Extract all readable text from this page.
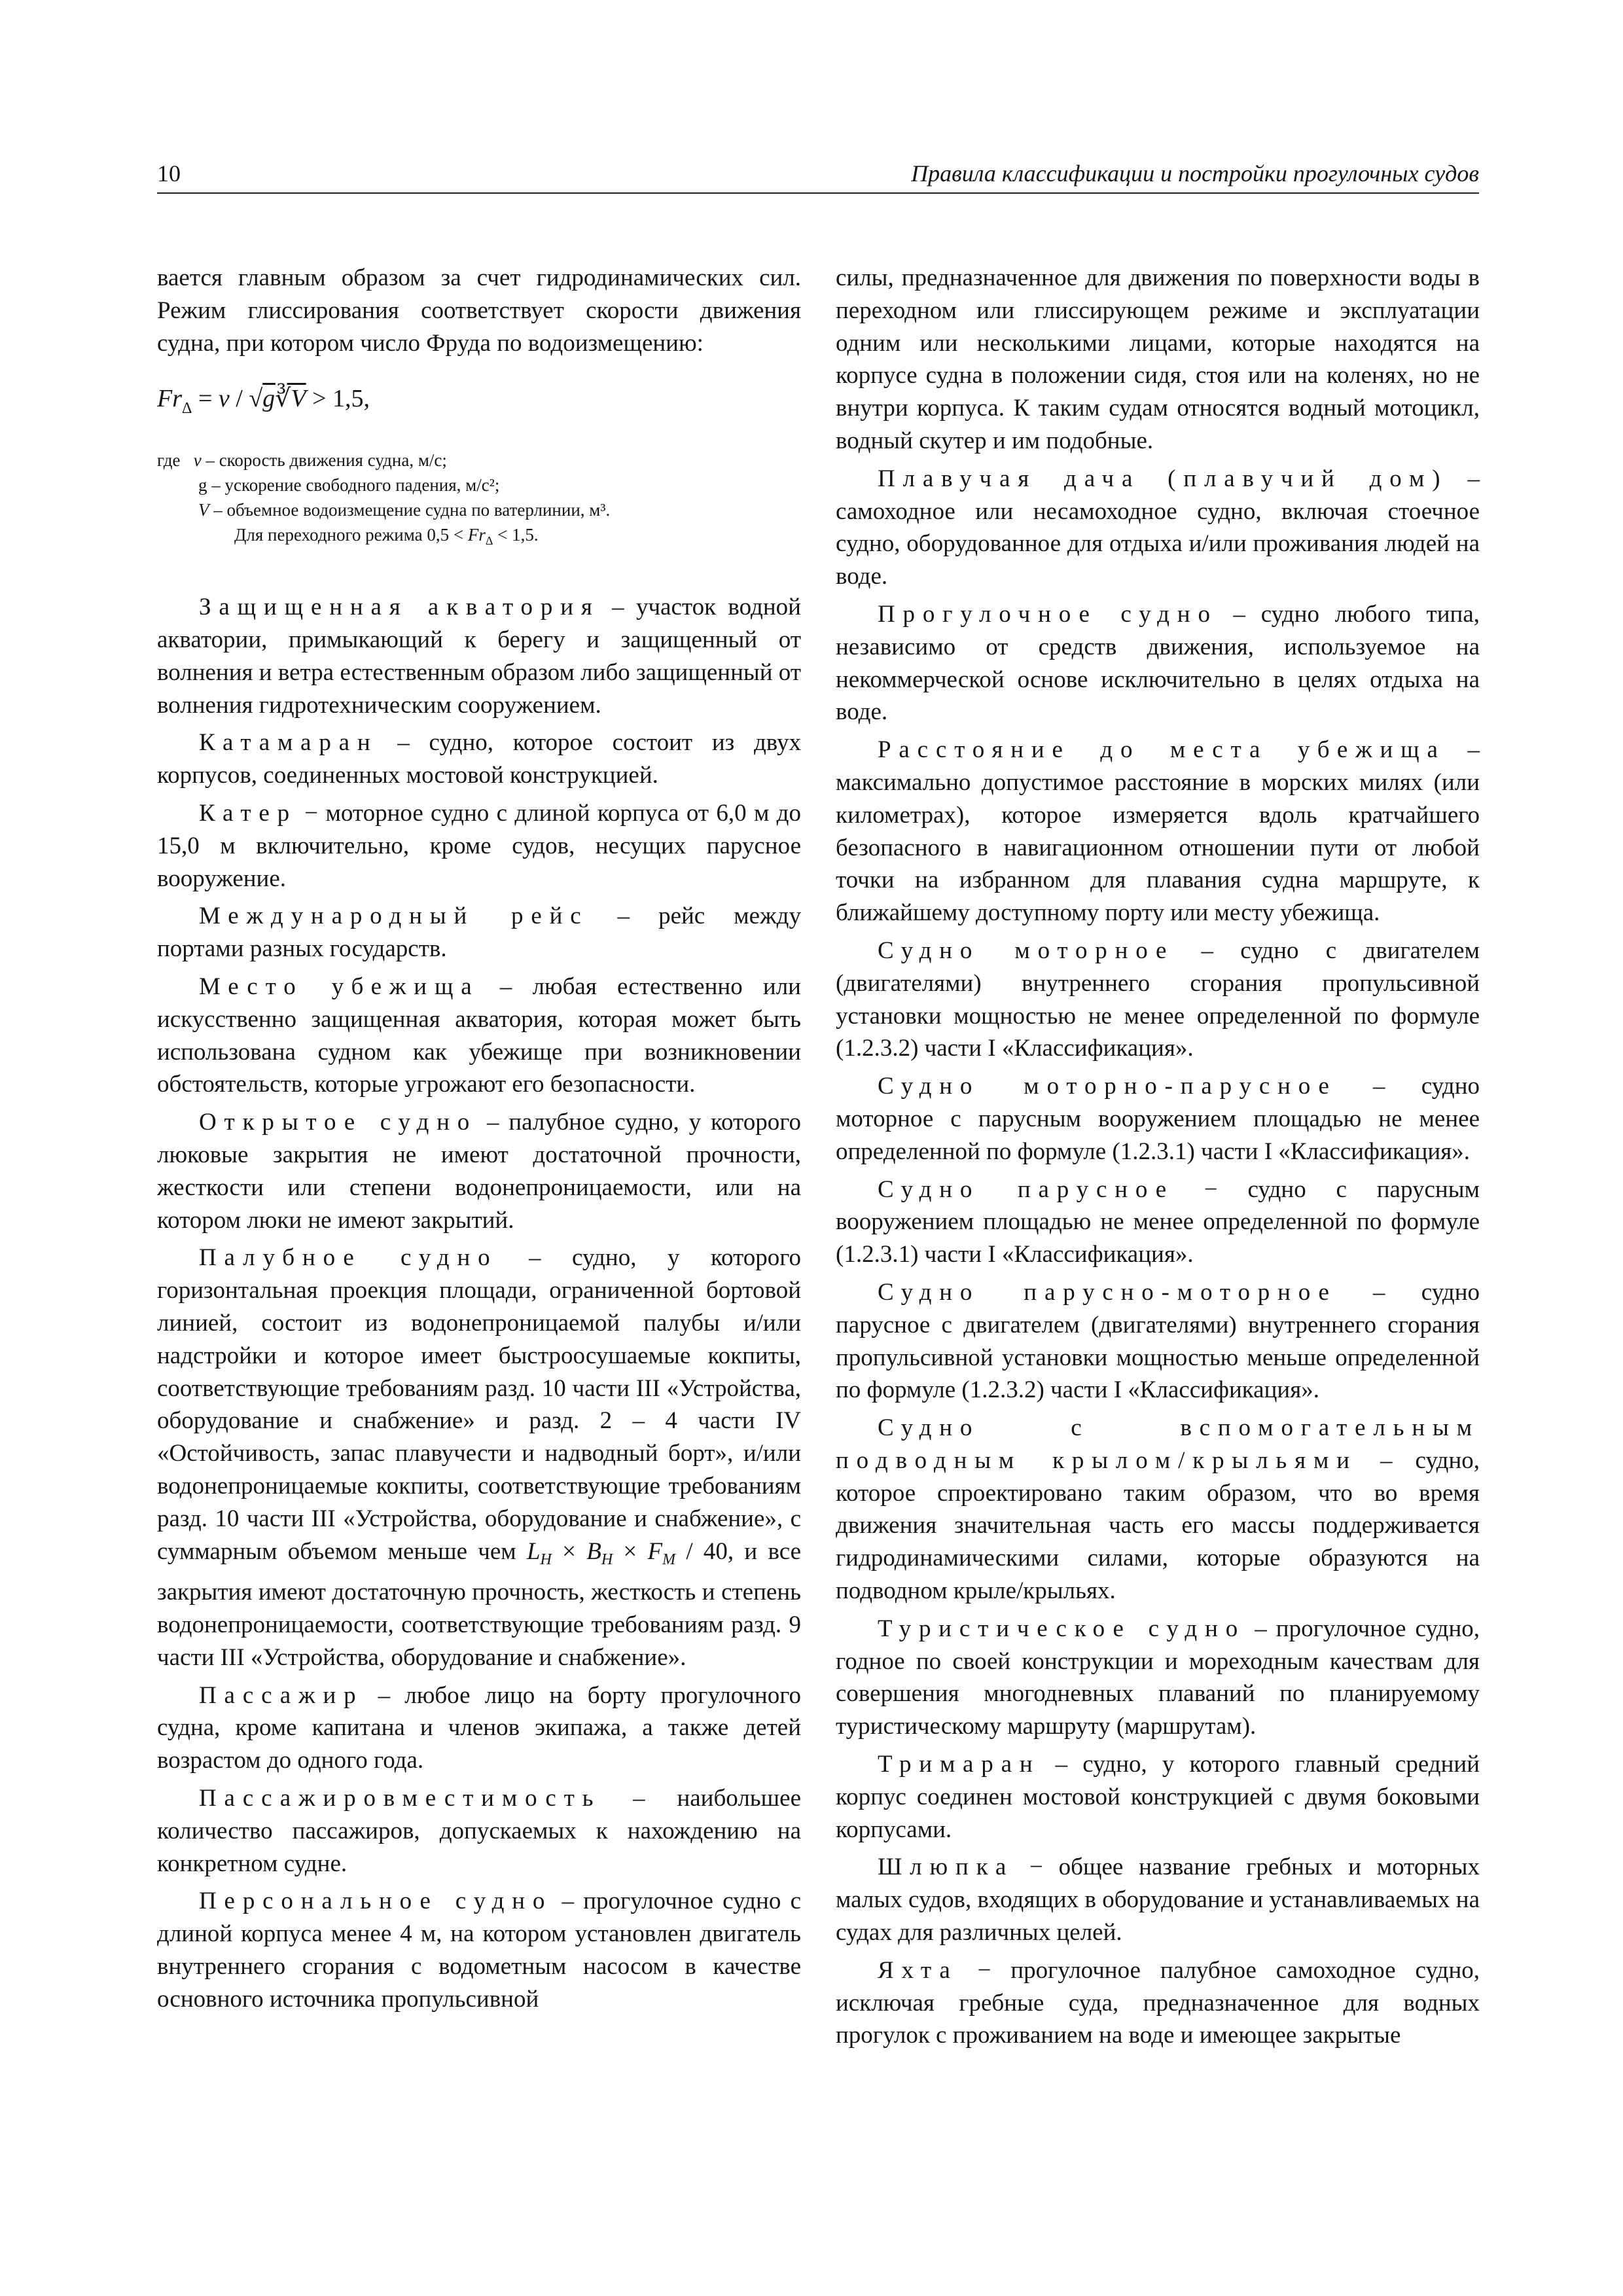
10	Правила классификации и постройки прогулочных судов

вается главным образом за счет гидродинамических сил. Режим глиссирования соответствует скорости движения судна, при котором число Фруда по водоизмещению:

$Fr_\Delta = v$ / √g∛V > 1,5,
где v – скорость движения судна, м/с;
g – ускорение свободного падения, м/с²;
V – объемное водоизмещение судна по ватерлинии, м³.
Для переходного режима $0,5 < Fr_\Delta < 1,5$.

Защищенная акватория – участок водной акватории, примыкающий к берегу и защищенный от волнения и ветра естественным образом либо защищенный от волнения гидротехническим сооружением.

Катамаран – судно, которое состоит из двух корпусов, соединенных мостовой конструкцией.

Катер − моторное судно с длиной корпуса от 6,0 м до 15,0 м включительно, кроме судов, несущих парусное вооружение.

Международный рейс – рейс между портами разных государств.

Место убежища – любая естественно или искусственно защищенная акватория, которая может быть использована судном как убежище при возникновении обстоятельств, которые угрожают его безопасности.

Открытое судно – палубное судно, у которого люковые закрытия не имеют достаточной прочности, жесткости или степени водонепроницаемости, или на котором люки не имеют закрытий.

Палубное судно – судно, у которого горизонтальная проекция площади, ограниченной бортовой линией, состоит из водонепроницаемой палубы и/или надстройки и которое имеет быстроосушаемые кокпиты, соответствующие требованиям разд. 10 части III «Устройства, оборудование и снабжение» и разд. 2 – 4 части IV «Остойчивость, запас плавучести и надводный борт», и/или водонепроницаемые кокпиты, соответствующие требованиям разд. 10 части III «Устройства, оборудование и снабжение», с суммарным объемом меньше чем $L_H \times B_H \times F_M / 40$, и все закрытия имеют достаточную прочность, жесткость и степень водонепроницаемости, соответствующие требованиям разд. 9 части III «Устройства, оборудование и снабжение».

Пассажир – любое лицо на борту прогулочного судна, кроме капитана и членов экипажа, а также детей возрастом до одного года.

Пассажировместимость – наибольшее количество пассажиров, допускаемых к нахождению на конкретном судне.

Персональное судно – прогулочное судно с длиной корпуса менее 4 м, на котором установлен двигатель внутреннего сгорания с водометным насосом в качестве основного источника пропульсивной

силы, предназначенное для движения по поверхности воды в переходном или глиссирующем режиме и эксплуатации одним или несколькими лицами, которые находятся на корпусе судна в положении сидя, стоя или на коленях, но не внутри корпуса. К таким судам относятся водный мотоцикл, водный скутер и им подобные.

Плавучая дача (плавучий дом) – самоходное или несамоходное судно, включая стоечное судно, оборудованное для отдыха и/или проживания людей на воде.

Прогулочное судно – судно любого типа, независимо от средств движения, используемое на некоммерческой основе исключительно в целях отдыха на воде.

Расстояние до места убежища – максимально допустимое расстояние в морских милях (или километрах), которое измеряется вдоль кратчайшего безопасного в навигационном отношении пути от любой точки на избранном для плавания судна маршруте, к ближайшему доступному порту или месту убежища.

Судно моторное – судно с двигателем (двигателями) внутреннего сгорания пропульсивной установки мощностью не менее определенной по формуле (1.2.3.2) части I «Классификация».

Судно моторно-парусное – судно моторное с парусным вооружением площадью не менее определенной по формуле (1.2.3.1) части I «Классификация».

Судно парусное − судно с парусным вооружением площадью не менее определенной по формуле (1.2.3.1) части I «Классификация».

Судно парусно-моторное – судно парусное с двигателем (двигателями) внутреннего сгорания пропульсивной установки мощностью меньше определенной по формуле (1.2.3.2) части I «Классификация».

Судно с вспомогательным подводным крылом/крыльями – судно, которое спроектировано таким образом, что во время движения значительная часть его массы поддерживается гидродинамическими силами, которые образуются на подводном крыле/крыльях.

Туристическое судно – прогулочное судно, годное по своей конструкции и мореходным качествам для совершения многодневных плаваний по планируемому туристическому маршруту (маршрутам).

Тримаран – судно, у которого главный средний корпус соединен мостовой конструкцией с двумя боковыми корпусами.

Шлюпка − общее название гребных и моторных малых судов, входящих в оборудование и устанавливаемых на судах для различных целей.

Яхта − прогулочное палубное самоходное судно, исключая гребные суда, предназначенное для водных прогулок с проживанием на воде и имеющее закрытые
